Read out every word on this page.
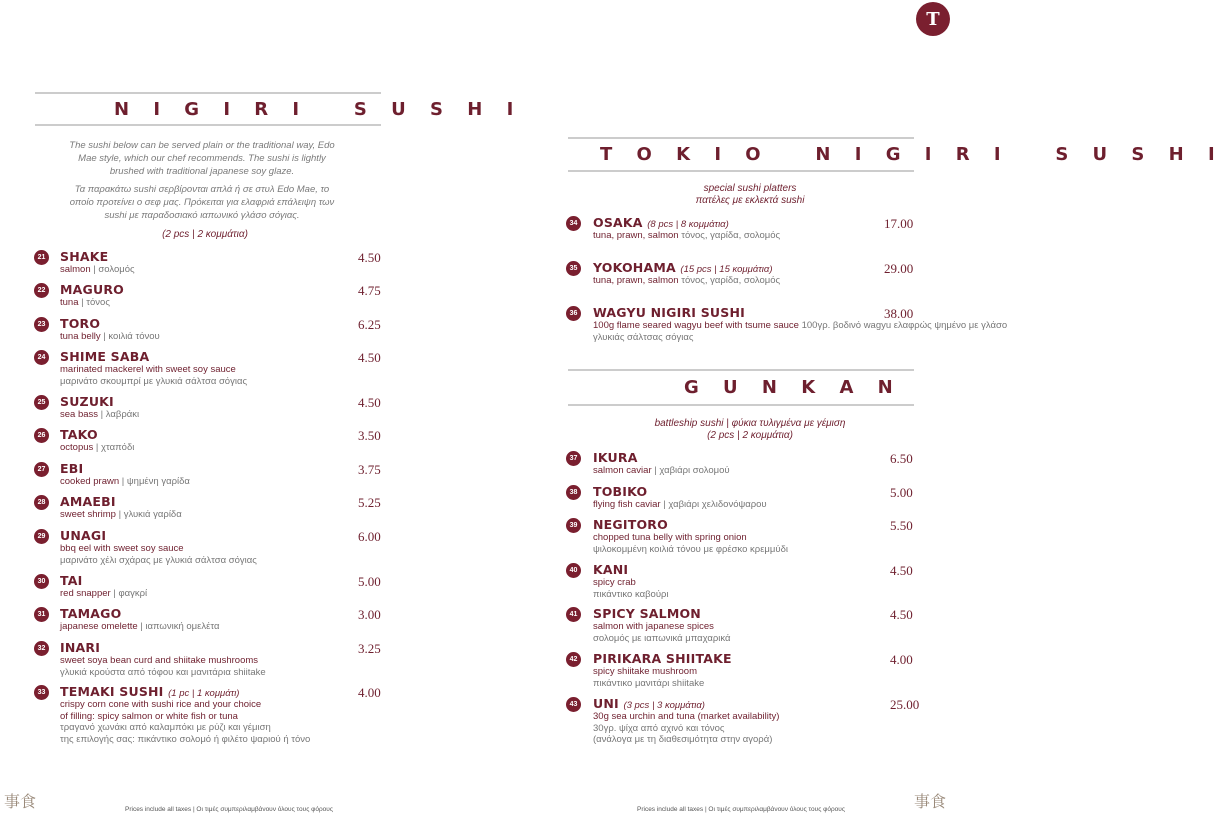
T
N I G I R I   S U S H I
The sushi below can be served plain or the traditional way, Edo Mae style, which our chef recommends. The sushi is lightly brushed with traditional japanese soy glaze.
Τα παρακάτω sushi σερβίρονται απλά ή σε στυλ Edo Mae, το οποίο προτείνει ο σεφ μας. Πρόκειται για ελαφριά επάλειψη των sushi με παραδοσιακό ιαπωνικό γλάσο σόγιας.
(2 pcs | 2 κομμάτια)
21 SHAKE	4.50
salmon | σολομός
22 MAGURO	4.75
tuna | τόνος
23 TORO	6.25
tuna belly | κοιλιά τόνου
24 SHIME SABA	4.50
marinated mackerel with sweet soy sauce
μαρινάτο σκουμπρί με γλυκιά σάλτσα σόγιας
25 SUZUKI	4.50
sea bass | λαβράκι
26 TAKO	3.50
octopus | χταπόδι
27 EBI	3.75
cooked prawn | ψημένη γαρίδα
28 AMAEBI	5.25
sweet shrimp | γλυκιά γαρίδα
29 UNAGI	6.00
bbq eel with sweet soy sauce
μαρινάτο χέλι σχάρας με γλυκιά σάλτσα σόγιας
30 TAI	5.00
red snapper | φαγκρί
31 TAMAGO	3.00
japanese omelette | ιαπωνική ομελέτα
32 INARI	3.25
sweet soya bean curd and shiitake mushrooms
γλυκιά κρούστα από τόφου και μανιτάρια shiitake
33 TEMAKI SUSHI (1 pc | 1 κομμάτι)	4.00
crispy corn cone with sushi rice and your choice
of filling: spicy salmon or white fish or tuna
τραγανό χωνάκι από καλαμπόκι με ρύζι και γέμιση
της επιλογής σας: πικάντικο σολομό ή φιλέτο ψαριού ή τόνο
T O K I O   N I G I R I   S U S H I
special sushi platters
πατέλες με εκλεκτά sushi
34 OSAKA (8 pcs | 8 κομμάτια)	17.00
tuna, prawn, salmon τόνος, γαρίδα, σολομός
35 YOKOHAMA (15 pcs | 15 κομμάτια)	29.00
tuna, prawn, salmon τόνος, γαρίδα, σολομός
36 WAGYU NIGIRI SUSHI	38.00
100g flame seared wagyu beef with tsume sauce 100γρ. βοδινό wagyu ελαφρώς ψημένο με γλάσο
γλυκιάς σάλτσας σόγιας
G U N K A N
battleship sushi | φύκια τυλιγμένα με γέμιση
(2 pcs | 2 κομμάτια)
37 IKURA	6.50
salmon caviar | χαβιάρι σολομού
38 TOBIKO	5.00
flying fish caviar | χαβιάρι χελιδονόψαρου
39 NEGITORO	5.50
chopped tuna belly with spring onion
ψιλοκομμένη κοιλιά τόνου με φρέσκο κρεμμύδι
40 KANI	4.50
spicy crab
πικάντικο καβούρι
41 SPICY SALMON	4.50
salmon with japanese spices
σολομός με ιαπωνικά μπαχαρικά
42 PIRIKARA SHIITAKE	4.00
spicy shiitake mushroom
πικάντικο μανιτάρι shiitake
43 UNI (3 pcs | 3 κομμάτια)	25.00
30g sea urchin and tuna (market availability)
30γρ. ψίχα από αχινό και τόνος
(ανάλογα με τη διαθεσιμότητα στην αγορά)
事食	Prices include all taxes | Οι τιμές συμπεριλαμβάνουν όλους τους φόρους	Prices include all taxes | Οι τιμές συμπεριλαμβάνουν όλους τους φόρους	事食
